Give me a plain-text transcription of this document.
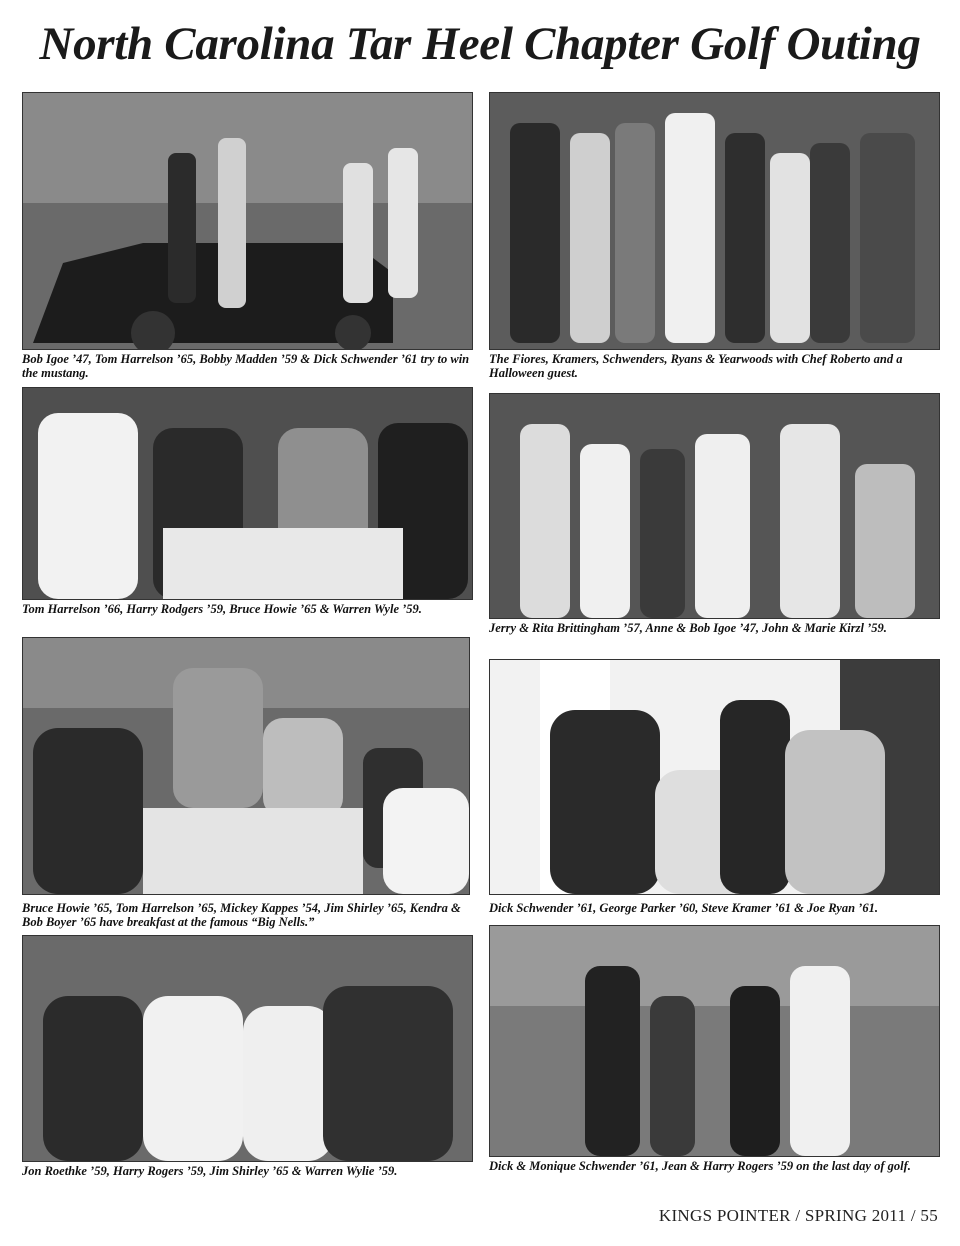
North Carolina Tar Heel Chapter Golf Outing
Bob Igoe ’47, Tom Harrelson ’65, Bobby Madden ’59 & Dick Schwender ’61 try to win the mustang.
The Fiores, Kramers, Schwenders, Ryans & Yearwoods with Chef Roberto and a Halloween guest.
Tom Harrelson ’66, Harry Rodgers ’59, Bruce Howie ’65 & Warren Wyle ’59.
Jerry & Rita Brittingham ’57, Anne & Bob Igoe ’47, John & Marie Kirzl ’59.
Bruce Howie ’65, Tom Harrelson ’65, Mickey Kappes ’54, Jim Shirley ’65, Kendra & Bob Boyer ’65 have breakfast at the famous “Big Nells.”
Dick Schwender ’61, George Parker ’60, Steve Kramer ’61 & Joe Ryan ’61.
Jon Roethke ’59, Harry Rogers ’59, Jim Shirley ’65 & Warren Wylie ’59.	Dick & Monique Schwender ’61, Jean & Harry Rogers ’59 on the last day of golf.
KINGS POINTER / SPRING 2011 / 55
